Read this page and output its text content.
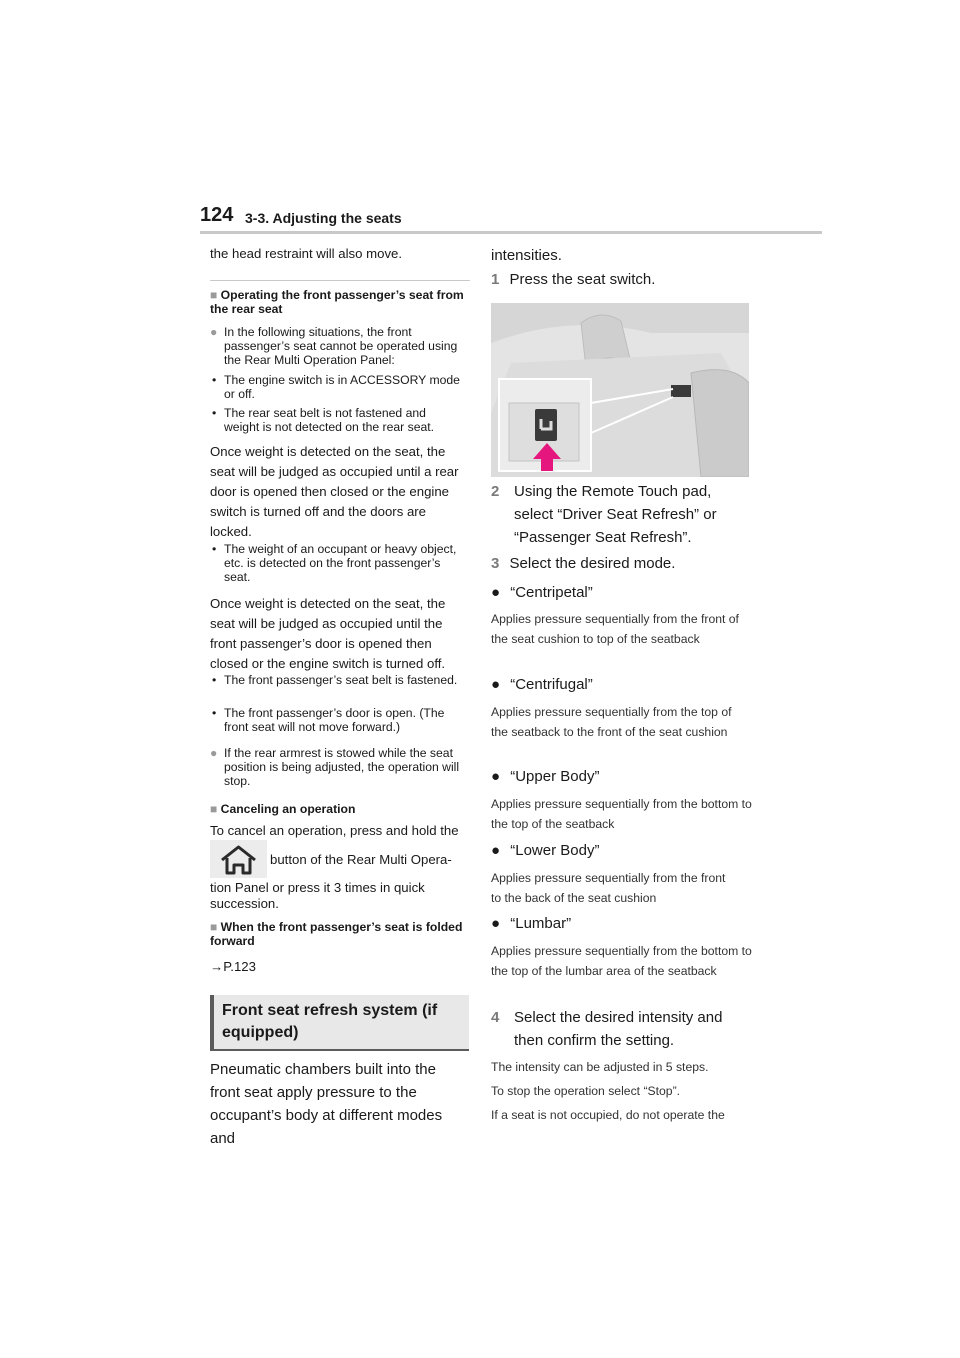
124 3-3. Adjusting the seats
the head restraint will also move.
■ Operating the front passenger’s seat from the rear seat
● In the following situations, the front passenger’s seat cannot be operated using the Rear Multi Operation Panel:
• The engine switch is in ACCESSORY mode or off.
• The rear seat belt is not fastened and weight is not detected on the rear seat.
Once weight is detected on the seat, the seat will be judged as occupied until a rear door is opened then closed or the engine switch is turned off and the doors are locked.
• The weight of an occupant or heavy object, etc. is detected on the front passenger’s seat.
Once weight is detected on the seat, the seat will be judged as occupied until the front passenger’s door is opened then closed or the engine switch is turned off.
• The front passenger’s seat belt is fastened.
• The front passenger’s door is open. (The front seat will not move forward.)
● If the rear armrest is stowed while the seat position is being adjusted, the operation will stop.
■ Canceling an operation
To cancel an operation, press and hold the
button of the Rear Multi Opera-
tion Panel or press it 3 times in quick succession.
■ When the front passenger’s seat is folded forward
→P.123
Front seat refresh system (if equipped)
Pneumatic chambers built into the front seat apply pressure to the occupant’s body at different modes and
intensities.
1 Press the seat switch.
2 Using the Remote Touch pad, select “Driver Seat Refresh” or “Passenger Seat Refresh”.
3 Select the desired mode.
● “Centripetal”
Applies pressure sequentially from the front of the seat cushion to top of the seatback
● “Centrifugal”
Applies pressure sequentially from the top of the seatback to the front of the seat cushion
● “Upper Body”
Applies pressure sequentially from the bottom to the top of the seatback
● “Lower Body”
Applies pressure sequentially from the front to the back of the seat cushion
● “Lumbar”
Applies pressure sequentially from the bottom to the top of the lumbar area of the seatback
4 Select the desired intensity and then confirm the setting.
The intensity can be adjusted in 5 steps.
To stop the operation select “Stop”.
If a seat is not occupied, do not operate the
